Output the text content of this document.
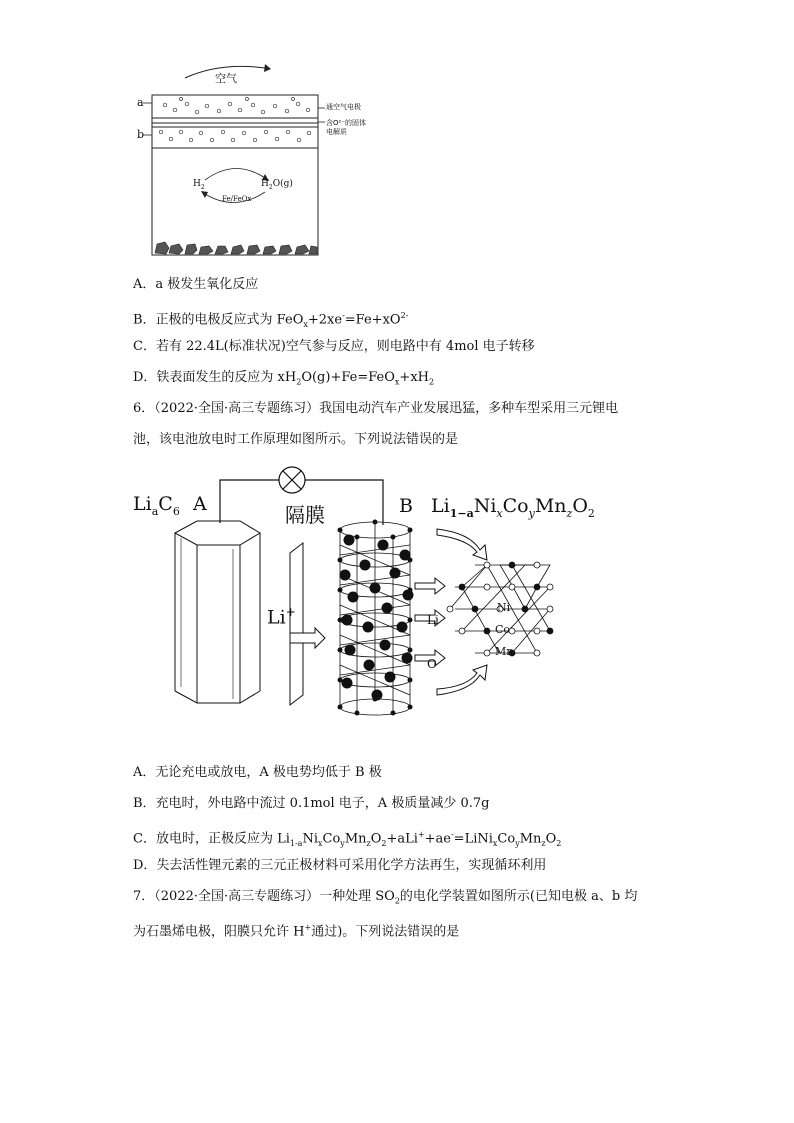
空气
a
b
通空气电极
含O²⁻的固体
电解质
$H_2$	$H_2O(g)$
Fe/FeOx
A．a 极发生氧化反应
B．正极的电极反应式为 $FeO_x+2xe^-=Fe+xO^{2-}$
C．若有 22.4L(标准状况)空气参与反应，则电路中有 4mol 电子转移
D．铁表面发生的反应为 $xH_2O(g)+Fe=FeO_x+xH_2$
6．（2022·全国·高三专题练习）我国电动汽车产业发展迅猛，多种车型采用三元锂电
池，该电池放电时工作原理如图所示。下列说法错误的是
$Li_aC_6$ A	隔膜	B $Li_{1-a}Ni_xCo_yMn_zO_2$
Li+
Li
O
Ni
Co
Mn
A．无论充电或放电，A 极电势均低于 B 极
B．充电时，外电路中流过 0.1mol 电子，A 极质量减少 0.7g
C．放电时，正极反应为 $Li_{1-a}Ni_xCo_yMn_zO_2+aLi^++ae^-=LiNi_xCo_yMn_zO_2$
D．失去活性锂元素的三元正极材料可采用化学方法再生，实现循环利用
7．（2022·全国·高三专题练习）一种处理 $SO_2$的电化学装置如图所示(已知电极 a、b 均
为石墨烯电极，阳膜只允许 H+通过)。下列说法错误的是
